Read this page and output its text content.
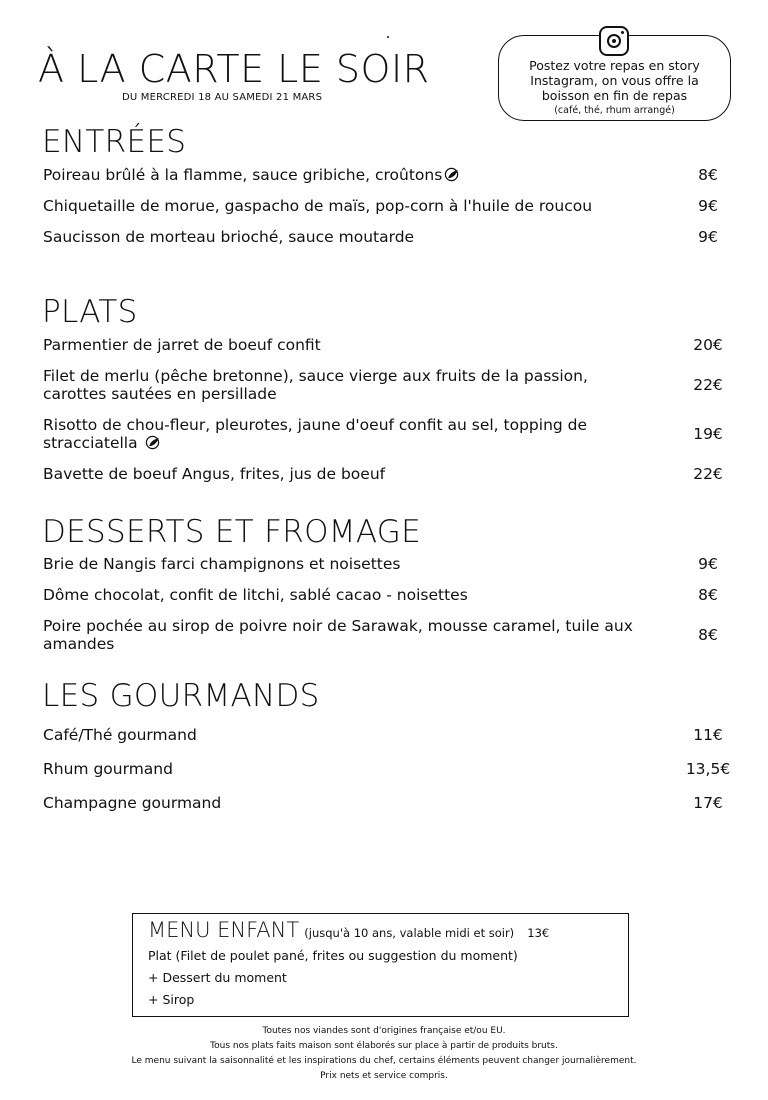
À LA CARTE LE SOIR
DU MERCREDI 18 AU SAMEDI 21 MARS
Postez votre repas en story
Instagram, on vous offre la
boisson en fin de repas
(café, thé, rhum arrangé)
ENTRÉES
Poireau brûlé à la flamme, sauce gribiche, croûtons	8€
Chiquetaille de morue, gaspacho de maïs, pop-corn à l'huile de roucou	9€
Saucisson de morteau brioché, sauce moutarde	9€
PLATS
Parmentier de jarret de boeuf confit	20€
Filet de merlu (pêche bretonne), sauce vierge aux fruits de la passion, carottes sautées en persillade	22€
Risotto de chou-fleur, pleurotes, jaune d'oeuf confit au sel, topping de stracciatella	19€
Bavette de boeuf Angus, frites, jus de boeuf	22€
DESSERTS ET FROMAGE
Brie de Nangis farci champignons et noisettes	9€
Dôme chocolat, confit de litchi, sablé cacao - noisettes	8€
Poire pochée au sirop de poivre noir de Sarawak, mousse caramel, tuile aux amandes	8€
LES GOURMANDS
Café/Thé gourmand	11€
Rhum gourmand	13,5€
Champagne gourmand	17€
MENU ENFANT (jusqu'à 10 ans, valable midi et soir) 13€
Plat (Filet de poulet pané, frites ou suggestion du moment)
+ Dessert du moment
+ Sirop
Toutes nos viandes sont d'origines française et/ou EU.
Tous nos plats faits maison sont élaborés sur place à partir de produits bruts.
Le menu suivant la saisonnalité et les inspirations du chef, certains éléments peuvent changer journalièrement.
Prix nets et service compris.
